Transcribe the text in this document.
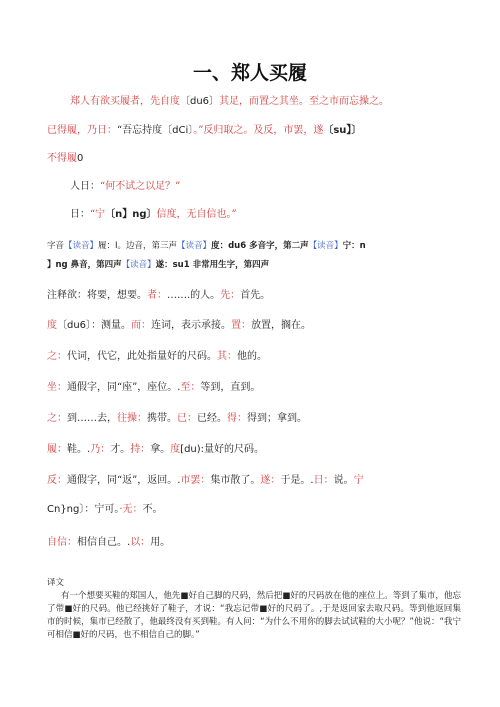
一、郑人买履
郑人有欲买履者，先自度〔du6〕其足，而置之其坐。至之市而忘操之。
已得履，乃日：“吾忘持度〔dCi〕。”反归取之。及反，市罢，遂〔su】〕
不得履0
人日：“何不试之以足？”
日：“宁〔n】ng〕信度，无自信也。”
字音【读音】履：I。边音，第三声【读音】度：du6 多音字，第二声【读音】宁：n
】ng 鼻音，第四声【读音】遂：su1 非常用生字，第四声
注释欲：将要，想要。者：…….的人。先：首先。
度〔du6〕：测量。而：连词，表示承接。置：放置，搁在。
之：代词，代它，此处指量好的尺码。其：他的。
坐：通假字，同“座”，座位。.至：等到，直到。
之：到……去，往操：携带。已：已经。得：得到；拿到。
履：鞋。.乃：才。持：拿。度[du):量好的尺码。
反：通假字，同“返”，返回。.市罢：集市散了。遂：于是。.日：说。宁
Cn}ng〕：宁可。·无：不。
自信：相信自己。.以：用。
译文
有一个想要买鞋的郑国人，他先■好自己脚的尺码，然后把■好的尺码放在他的座位上。等到了集市，他忘了带■好的尺码。他已经挑好了鞋子，才说：“我忘记带■好的尺码了。,于是返回家去取尺码。等到他返回集市的时候，集市已经散了，他最终没有买到鞋。有人问：“为什么不用你的脚去试试鞋的大小呢？”他说：“我宁可相信■好的尺码，也不相信自己的脚。”
